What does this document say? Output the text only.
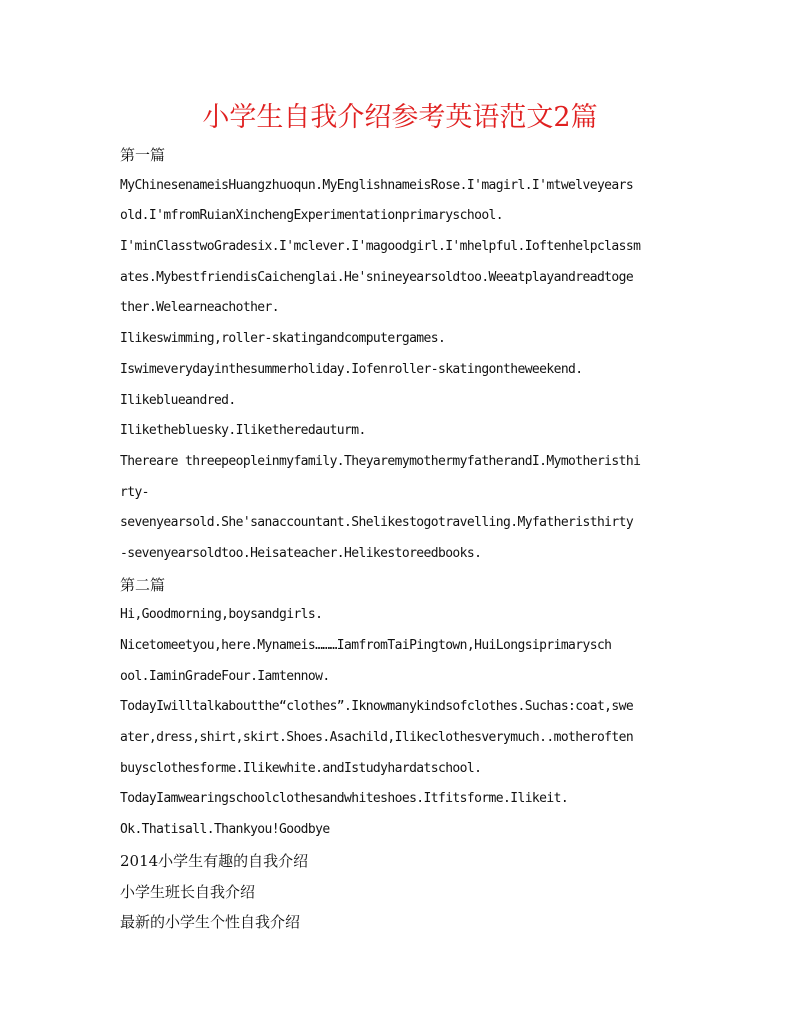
小学生自我介绍参考英语范文2篇
第一篇
MyChinesenameisHuangzhuoqun.MyEnglishnameisRose.I'magirl.I'mtwelveyears
old.I'mfromRuianXinchengExperimentationprimaryschool.
I'minClasstwoGradesix.I'mclever.I'magoodgirl.I'mhelpful.Ioftenhelpclassm
ates.MybestfriendisCaichenglai.He'snineyearsoldtoo.Weeatplayandreadtoge
ther.Welearneachother.
Ilikeswimming,roller-skatingandcomputergames.
Iswimeverydayinthesummerholiday.Iofenroller-skatingontheweekend.
Ilikeblueandred.
Ilikethebluesky.Iliketheredauturm.
Thereare threepeopleinmyfamily.TheyaremymothermyfatherandI.Mymotheristhi
rty-
sevenyearsold.She'sanaccountant.Shelikestogotravelling.Myfatheristhirty
-sevenyearsoldtoo.Heisateacher.Helikestoreedbooks.
第二篇
Hi,Goodmorning,boysandgirls.
Nicetomeetyou,here.Mynameis………IamfromTaiPingtown,HuiLongsiprimarysch
ool.IaminGradeFour.Iamtennow.
TodayIwilltalkaboutthe“clothes”.Iknowmanykindsofclothes.Suchas:coat,swe
ater,dress,shirt,skirt.Shoes.Asachild,Ilikeclothesverymuch..motheroften
buysclothesforme.Ilikewhite.andIstudyhardatschool.
TodayIamwearingschoolclothesandwhiteshoes.Itfitsforme.Ilikeit.
Ok.Thatisall.Thankyou!Goodbye
2014小学生有趣的自我介绍
小学生班长自我介绍
最新的小学生个性自我介绍
